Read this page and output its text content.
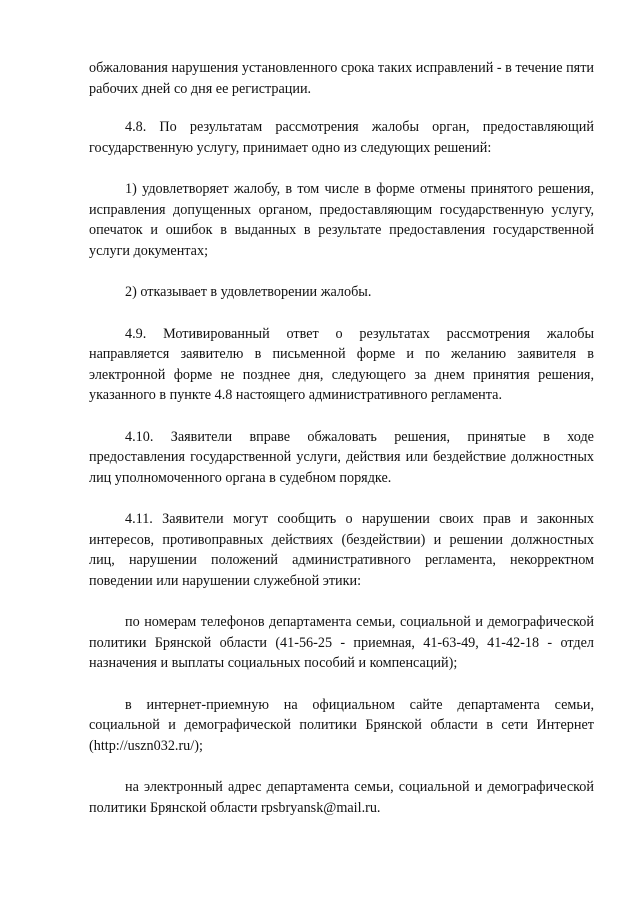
обжалования нарушения установленного срока таких исправлений - в течение пяти рабочих дней со дня ее регистрации.

4.8. По результатам рассмотрения жалобы орган, предоставляющий государственную услугу, принимает одно из следующих решений:

1) удовлетворяет жалобу, в том числе в форме отмены принятого решения, исправления допущенных органом, предоставляющим государственную услугу, опечаток и ошибок в выданных в результате предоставления государственной услуги документах;

2) отказывает в удовлетворении жалобы.

4.9. Мотивированный ответ о результатах рассмотрения жалобы направляется заявителю в письменной форме и по желанию заявителя в электронной форме не позднее дня, следующего за днем принятия решения, указанного в пункте 4.8 настоящего административного регламента.

4.10. Заявители вправе обжаловать решения, принятые в ходе предоставления государственной услуги, действия или бездействие должностных лиц уполномоченного органа в судебном порядке.

4.11. Заявители могут сообщить о нарушении своих прав и законных интересов, противоправных действиях (бездействии) и решении должностных лиц, нарушении положений административного регламента, некорректном поведении или нарушении служебной этики:

по номерам телефонов департамента семьи, социальной и демографической политики Брянской области (41-56-25 - приемная, 41-63-49, 41-42-18 - отдел назначения и выплаты социальных пособий и компенсаций);

в интернет-приемную на официальном сайте департамента семьи, социальной и демографической политики Брянской области в сети Интернет (http://uszn032.ru/);

на электронный адрес департамента семьи, социальной и демографической политики Брянской области rpsbryansk@mail.ru.
